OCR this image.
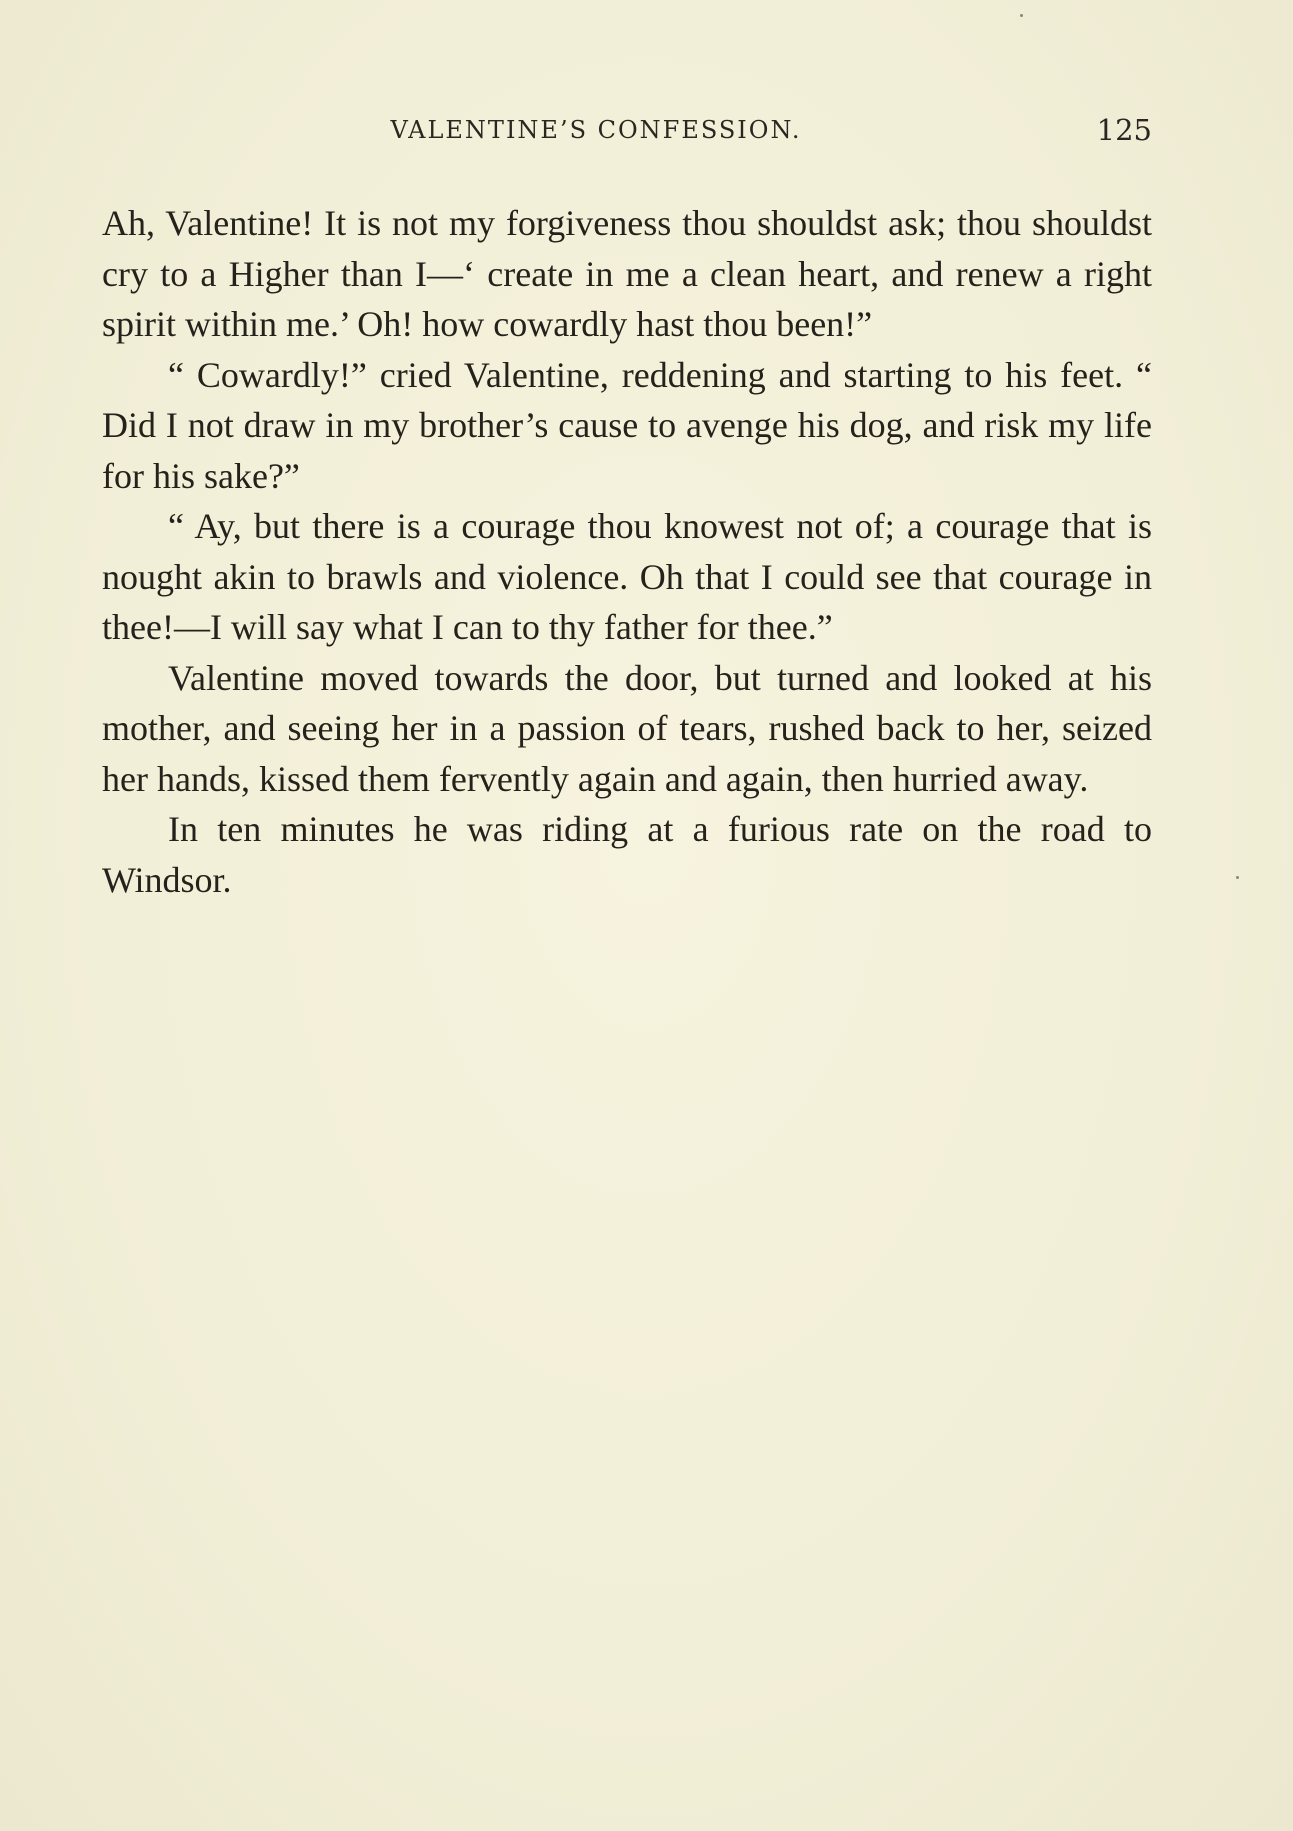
VALENTINE’S CONFESSION.	125

Ah, Valentine! It is not my forgiveness thou shouldst ask; thou shouldst cry to a Higher than I—‘ create in me a clean heart, and renew a right spirit within me.’ Oh! how cowardly hast thou been!”

“ Cowardly!” cried Valentine, reddening and starting to his feet. “ Did I not draw in my brother’s cause to avenge his dog, and risk my life for his sake?”

“ Ay, but there is a courage thou knowest not of; a courage that is nought akin to brawls and violence. Oh that I could see that courage in thee!—I will say what I can to thy father for thee.”

Valentine moved towards the door, but turned and looked at his mother, and seeing her in a passion of tears, rushed back to her, seized her hands, kissed them fervently again and again, then hurried away.

In ten minutes he was riding at a furious rate on the road to Windsor.
